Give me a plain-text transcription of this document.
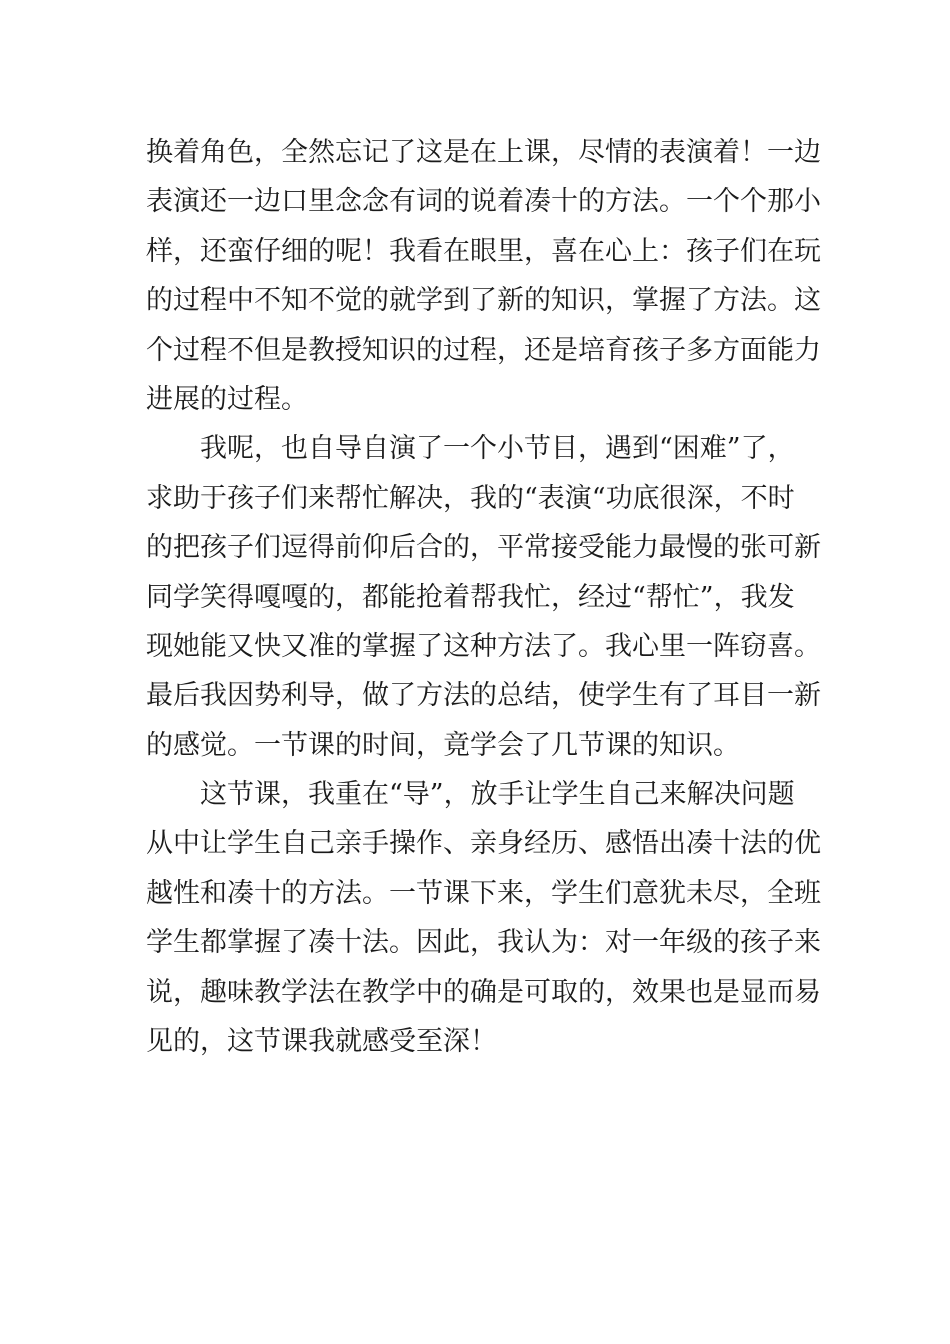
换着角色，全然忘记了这是在上课，尽情的表演着！一边
表演还一边口里念念有词的说着凑十的方法。一个个那小
样，还蛮仔细的呢！我看在眼里，喜在心上：孩子们在玩
的过程中不知不觉的就学到了新的知识，掌握了方法。这
个过程不但是教授知识的过程，还是培育孩子多方面能力
进展的过程。
我呢，也自导自演了一个小节目，遇到“困难”了，
求助于孩子们来帮忙解决，我的“表演“功底很深，不时
的把孩子们逗得前仰后合的，平常接受能力最慢的张可新
同学笑得嘎嘎的，都能抢着帮我忙，经过“帮忙”，我发
现她能又快又准的掌握了这种方法了。我心里一阵窃喜。
最后我因势利导，做了方法的总结，使学生有了耳目一新
的感觉。一节课的时间，竟学会了几节课的知识。
这节课，我重在“导”，放手让学生自己来解决问题
从中让学生自己亲手操作、亲身经历、感悟出凑十法的优
越性和凑十的方法。一节课下来，学生们意犹未尽，全班
学生都掌握了凑十法。因此，我认为：对一年级的孩子来
说，趣味教学法在教学中的确是可取的，效果也是显而易
见的，这节课我就感受至深！
